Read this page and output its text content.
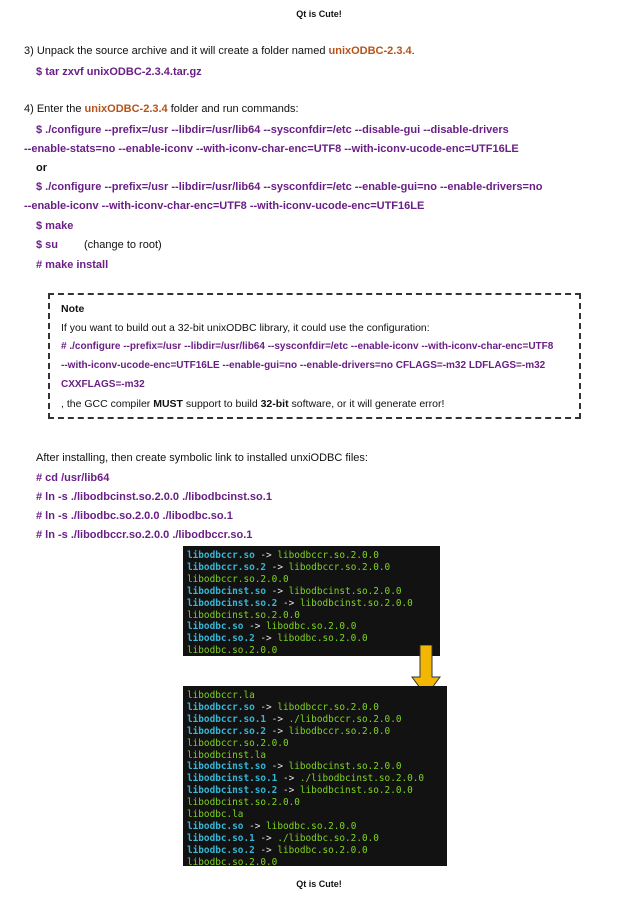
Qt is Cute!
3) Unpack the source archive and it will create a folder named unixODBC-2.3.4.
$ tar zxvf unixODBC-2.3.4.tar.gz
4) Enter the unixODBC-2.3.4 folder and run commands:
$ ./configure --prefix=/usr --libdir=/usr/lib64 --sysconfdir=/etc --disable-gui --disable-drivers
--enable-stats=no --enable-iconv --with-iconv-char-enc=UTF8 --with-iconv-ucode-enc=UTF16LE
or
$ ./configure --prefix=/usr --libdir=/usr/lib64 --sysconfdir=/etc --enable-gui=no --enable-drivers=no
--enable-iconv --with-iconv-char-enc=UTF8 --with-iconv-ucode-enc=UTF16LE
$ make
$ su (change to root)
# make install
Note
If you want to build out a 32-bit unixODBC library, it could use the configuration:
# ./configure --prefix=/usr --libdir=/usr/lib64 --sysconfdir=/etc --enable-iconv --with-iconv-char-enc=UTF8
--with-iconv-ucode-enc=UTF16LE --enable-gui=no --enable-drivers=no CFLAGS=-m32 LDFLAGS=-m32
CXXFLAGS=-m32
, the GCC compiler MUST support to build 32-bit software, or it will generate error!
After installing, then create symbolic link to installed unxiODBC files:
# cd /usr/lib64
# ln -s ./libodbcinst.so.2.0.0 ./libodbcinst.so.1
# ln -s ./libodbc.so.2.0.0 ./libodbc.so.1
# ln -s ./libodbccr.so.2.0.0 ./libodbccr.so.1
libodbccr.so -> libodbccr.so.2.0.0
libodbccr.so.2 -> libodbccr.so.2.0.0
libodbccr.so.2.0.0
libodbcinst.so -> libodbcinst.so.2.0.0
libodbcinst.so.2 -> libodbcinst.so.2.0.0
libodbcinst.so.2.0.0
libodbc.so -> libodbc.so.2.0.0
libodbc.so.2 -> libodbc.so.2.0.0
libodbc.so.2.0.0
libodbccr.la
libodbccr.so -> libodbccr.so.2.0.0
libodbccr.so.1 -> ./libodbccr.so.2.0.0
libodbccr.so.2 -> libodbccr.so.2.0.0
libodbccr.so.2.0.0
libodbcinst.la
libodbcinst.so -> libodbcinst.so.2.0.0
libodbcinst.so.1 -> ./libodbcinst.so.2.0.0
libodbcinst.so.2 -> libodbcinst.so.2.0.0
libodbcinst.so.2.0.0
libodbc.la
libodbc.so -> libodbc.so.2.0.0
libodbc.so.1 -> ./libodbc.so.2.0.0
libodbc.so.2 -> libodbc.so.2.0.0
libodbc.so.2.0.0
Qt is Cute!
